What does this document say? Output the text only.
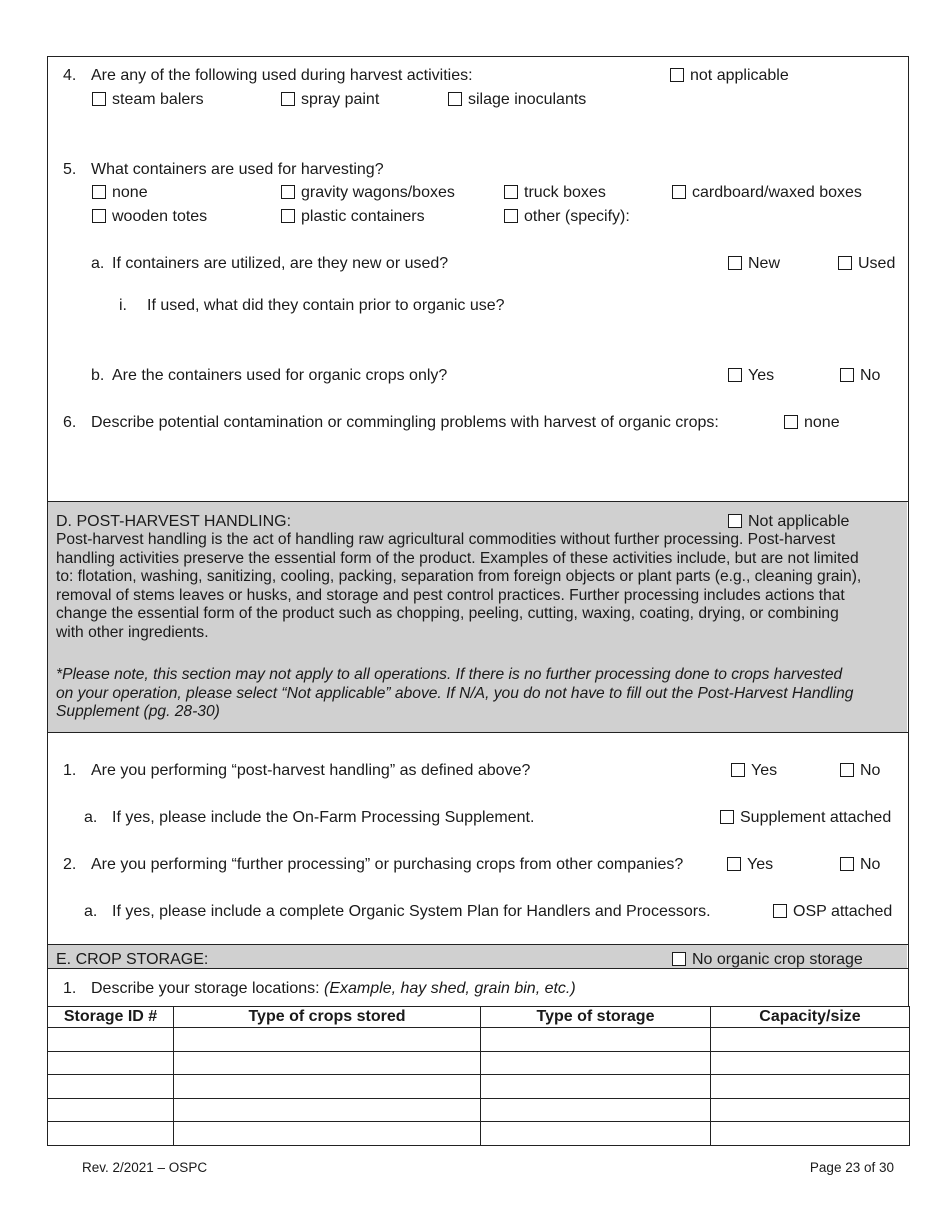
4. Are any of the following used during harvest activities:	not applicable
steam balers	spray paint	silage inoculants
5. What containers are used for harvesting?
none	gravity wagons/boxes	truck boxes	cardboard/waxed boxes
wooden totes	plastic containers	other (specify):
a. If containers are utilized, are they new or used?	New	Used
i. If used, what did they contain prior to organic use?
b. Are the containers used for organic crops only?	Yes	No
6. Describe potential contamination or commingling problems with harvest of organic crops:	none
D. POST-HARVEST HANDLING:	Not applicable
Post-harvest handling is the act of handling raw agricultural commodities without further processing. Post-harvest
handling activities preserve the essential form of the product. Examples of these activities include, but are not limited
to: flotation, washing, sanitizing, cooling, packing, separation from foreign objects or plant parts (e.g., cleaning grain),
removal of stems leaves or husks, and storage and pest control practices. Further processing includes actions that
change the essential form of the product such as chopping, peeling, cutting, waxing, coating, drying, or combining
with other ingredients.
*Please note, this section may not apply to all operations. If there is no further processing done to crops harvested
on your operation, please select “Not applicable” above. If N/A, you do not have to fill out the Post-Harvest Handling
Supplement (pg. 28-30)
1. Are you performing “post-harvest handling” as defined above?	Yes	No
a. If yes, please include the On-Farm Processing Supplement.	Supplement attached
2. Are you performing “further processing” or purchasing crops from other companies?	Yes	No
a. If yes, please include a complete Organic System Plan for Handlers and Processors.	OSP attached
E. CROP STORAGE:	No organic crop storage
1. Describe your storage locations: (Example, hay shed, grain bin, etc.)
Storage ID #	Type of crops stored	Type of storage	Capacity/size

Rev. 2/2021 – OSPC	Page 23 of 30
